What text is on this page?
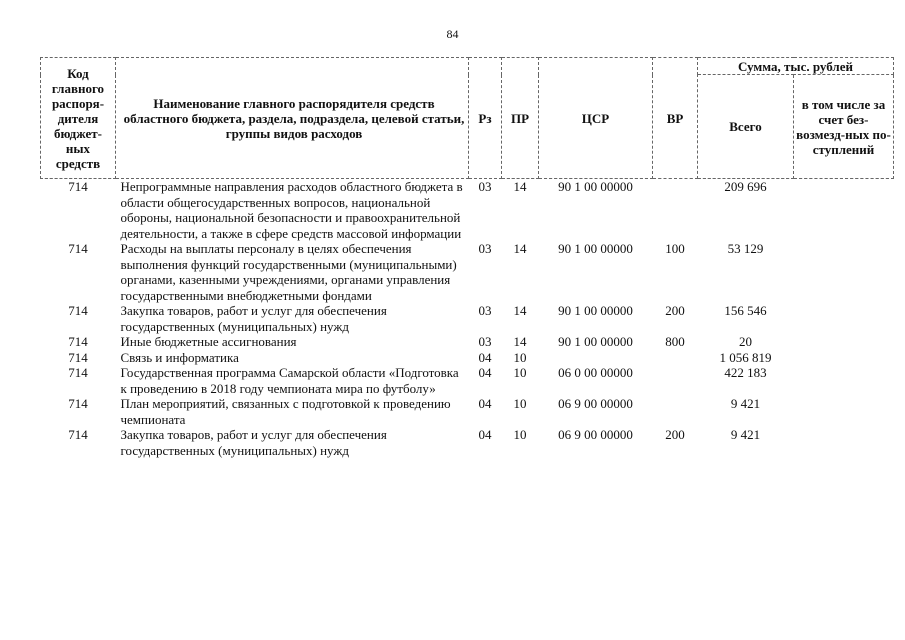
84
Код главного распоря-дителя бюджет-ных средств	Наименование главного распорядителя средств областного бюджета, раздела, подраздела, целевой статьи, группы видов расходов	Рз	ПР	ЦСР	ВР	Сумма, тыс. рублей	
						Всего	в том числе за счет без-возмезд-ных по-ступлений
714	Непрограммные направления расходов областного бюджета в области общегосударственных вопросов, национальной обороны, национальной безопасности и правоохранительной деятельности, а также в сфере средств массовой информации	03	14	90 1 00 00000		209 696	
714	Расходы на выплаты персоналу в целях обеспечения выполнения функций государственными (муниципальными) органами, казенными учреждениями, органами управления государственными внебюджетными фондами	03	14	90 1 00 00000	100	53 129	
714	Закупка товаров, работ и услуг для обеспечения государственных (муниципальных) нужд	03	14	90 1 00 00000	200	156 546	
714	Иные бюджетные ассигнования	03	14	90 1 00 00000	800	20	
714	Связь и информатика	04	10			1 056 819	
714	Государственная программа Самарской области «Подготовка к проведению в 2018 году чемпионата мира по футболу»	04	10	06 0 00 00000		422 183	
714	План мероприятий, связанных с подготовкой к проведению чемпионата	04	10	06 9 00 00000		9 421	
714	Закупка товаров, работ и услуг для обеспечения государственных (муниципальных) нужд	04	10	06 9 00 00000	200	9 421	
